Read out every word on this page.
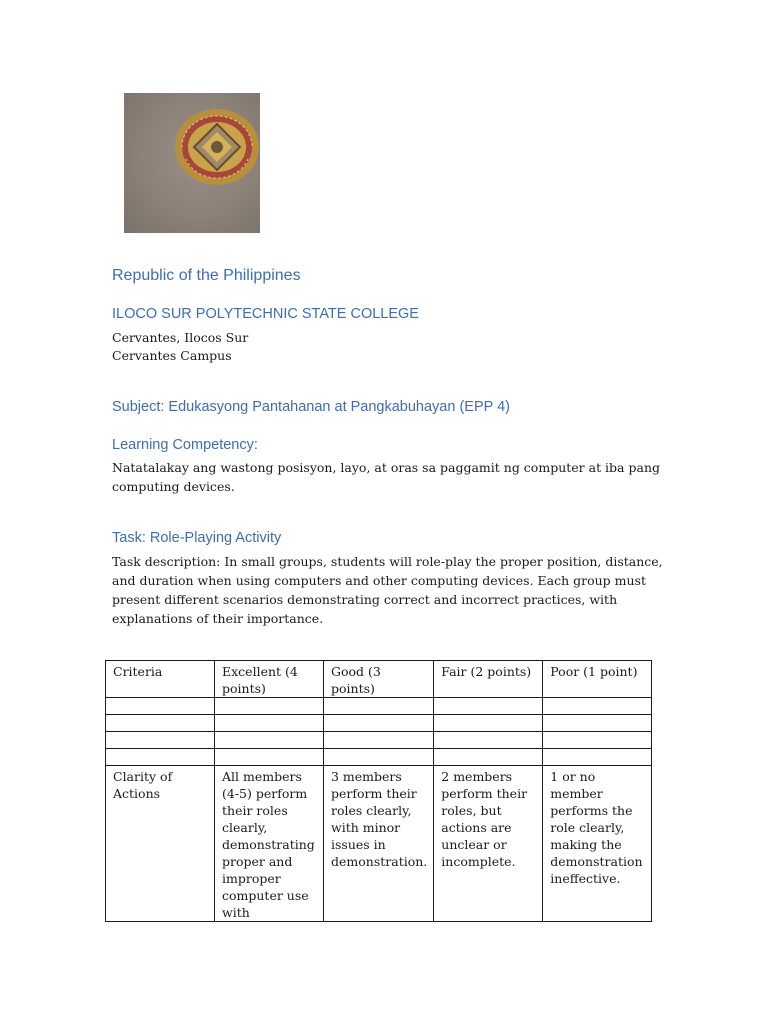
Republic of the Philippines
ILOCO SUR POLYTECHNIC STATE COLLEGE

Cervantes, Ilocos Sur

Cervantes Campus

Subject: Edukasyong Pantahanan at Pangkabuhayan (EPP 4)
Learning Competency:

Natatalakay ang wastong posisyon, layo, at oras sa paggamit ng computer at iba pang computing devices.

Task: Role-Playing Activity

Task description: In small groups, students will role-play the proper position, distance, and duration when using computers and other computing devices. Each group must present different scenarios demonstrating correct and incorrect practices, with explanations of their importance.

Criteria	Excellent (4 points)	Good (3 points)	Fair (2 points)	Poor (1 point)

Clarity of Actions	All members (4-5) perform their roles clearly, demonstrating proper and improper computer use with	3 members perform their roles clearly, with minor issues in demonstration.	2 members perform their roles, but actions are unclear or incomplete.	1 or no member performs the role clearly, making the demonstration ineffective.
